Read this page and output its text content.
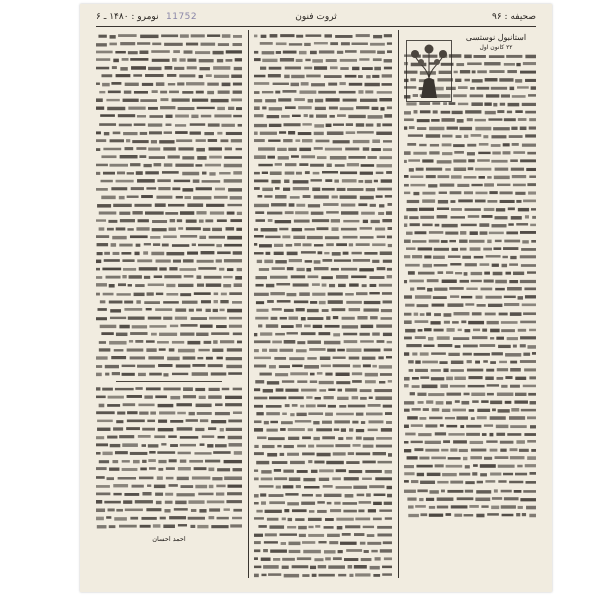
11752	صحیفه : ۹۶
ثروت فنون
نومرو : ۱۴۸۰ ـ ۶
استانبول نوستسی
۲۲ کانون اول
احمد احسان
